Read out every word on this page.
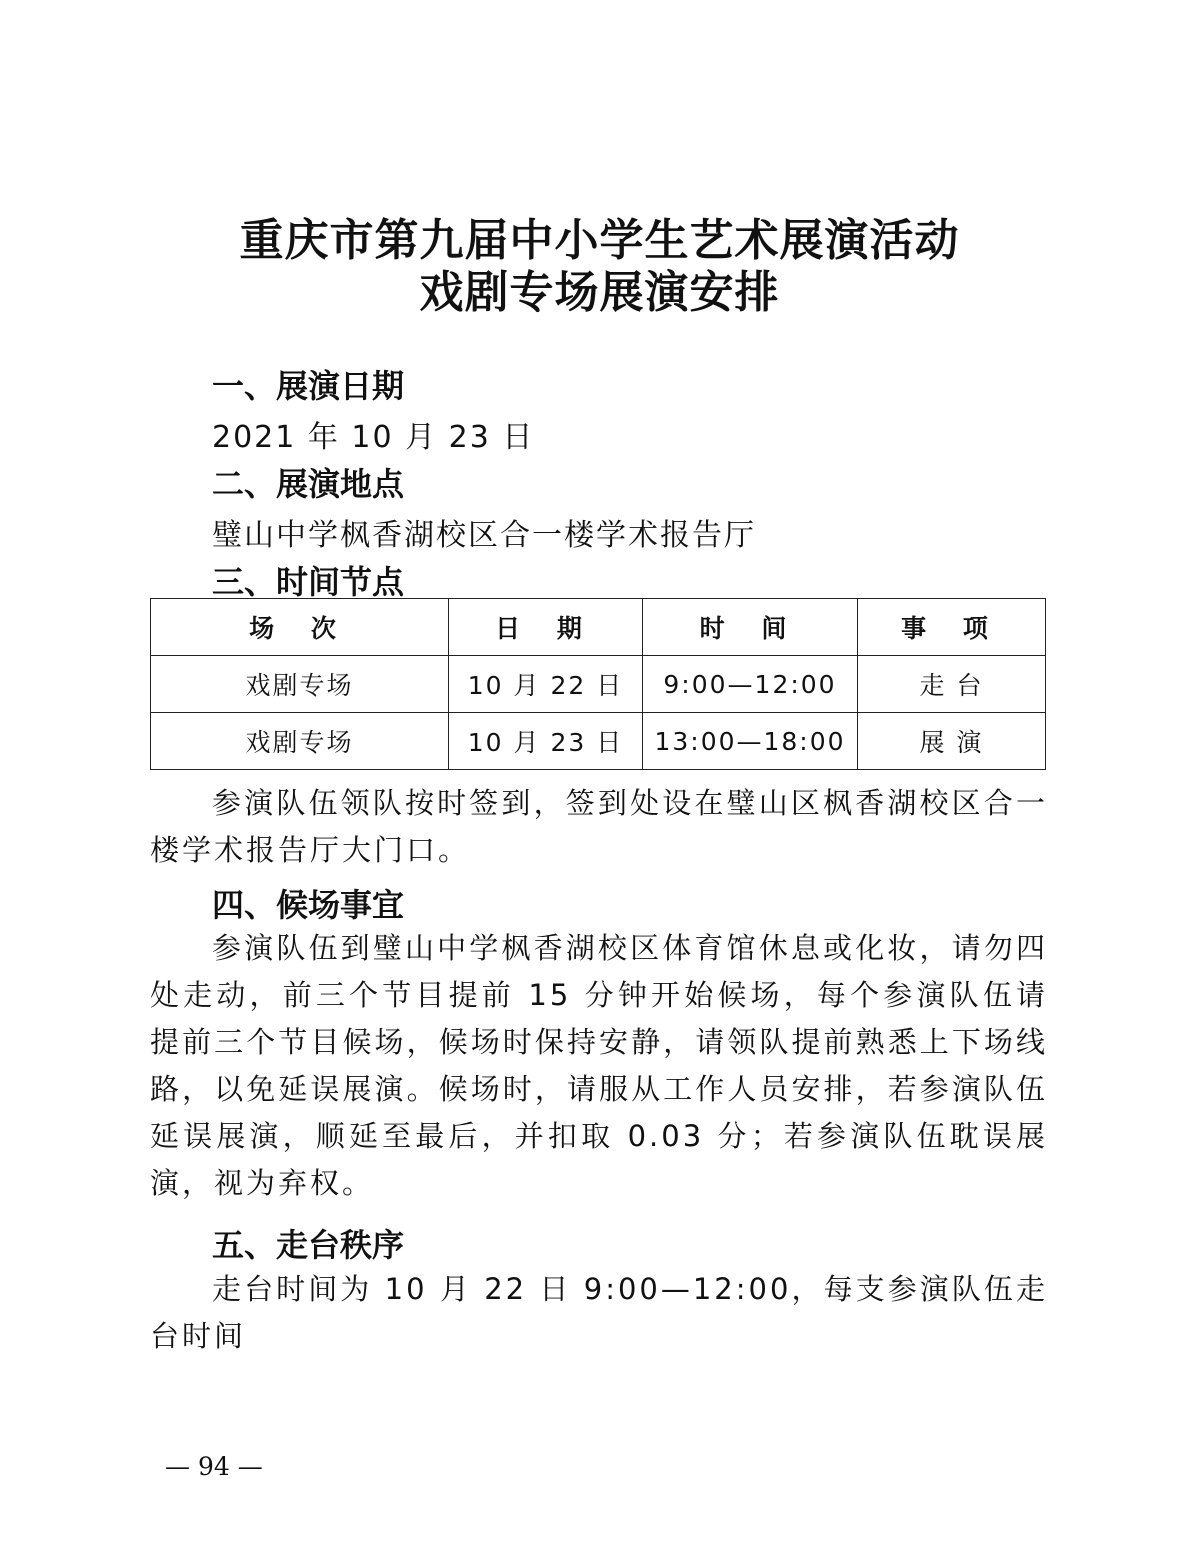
重庆市第九届中小学生艺术展演活动
戏剧专场展演安排
一、展演日期
2021 年 10 月 23 日
二、展演地点
璧山中学枫香湖校区合一楼学术报告厅
三、时间节点
场 次	日 期	时 间	事 项
戏剧专场	10 月 22 日	9:00—12:00	走 台
戏剧专场	10 月 23 日	13:00—18:00	展 演
参演队伍领队按时签到，签到处设在璧山区枫香湖校区合一楼学术报告厅大门口。
四、候场事宜
参演队伍到璧山中学枫香湖校区体育馆休息或化妆，请勿四处走动，前三个节目提前 15 分钟开始候场，每个参演队伍请提前三个节目候场，候场时保持安静，请领队提前熟悉上下场线路，以免延误展演。候场时，请服从工作人员安排，若参演队伍延误展演，顺延至最后，并扣取 0.03 分；若参演队伍耽误展演，视为弃权。
五、走台秩序
走台时间为 10 月 22 日 9:00—12:00，每支参演队伍走台时间
— 94 —
